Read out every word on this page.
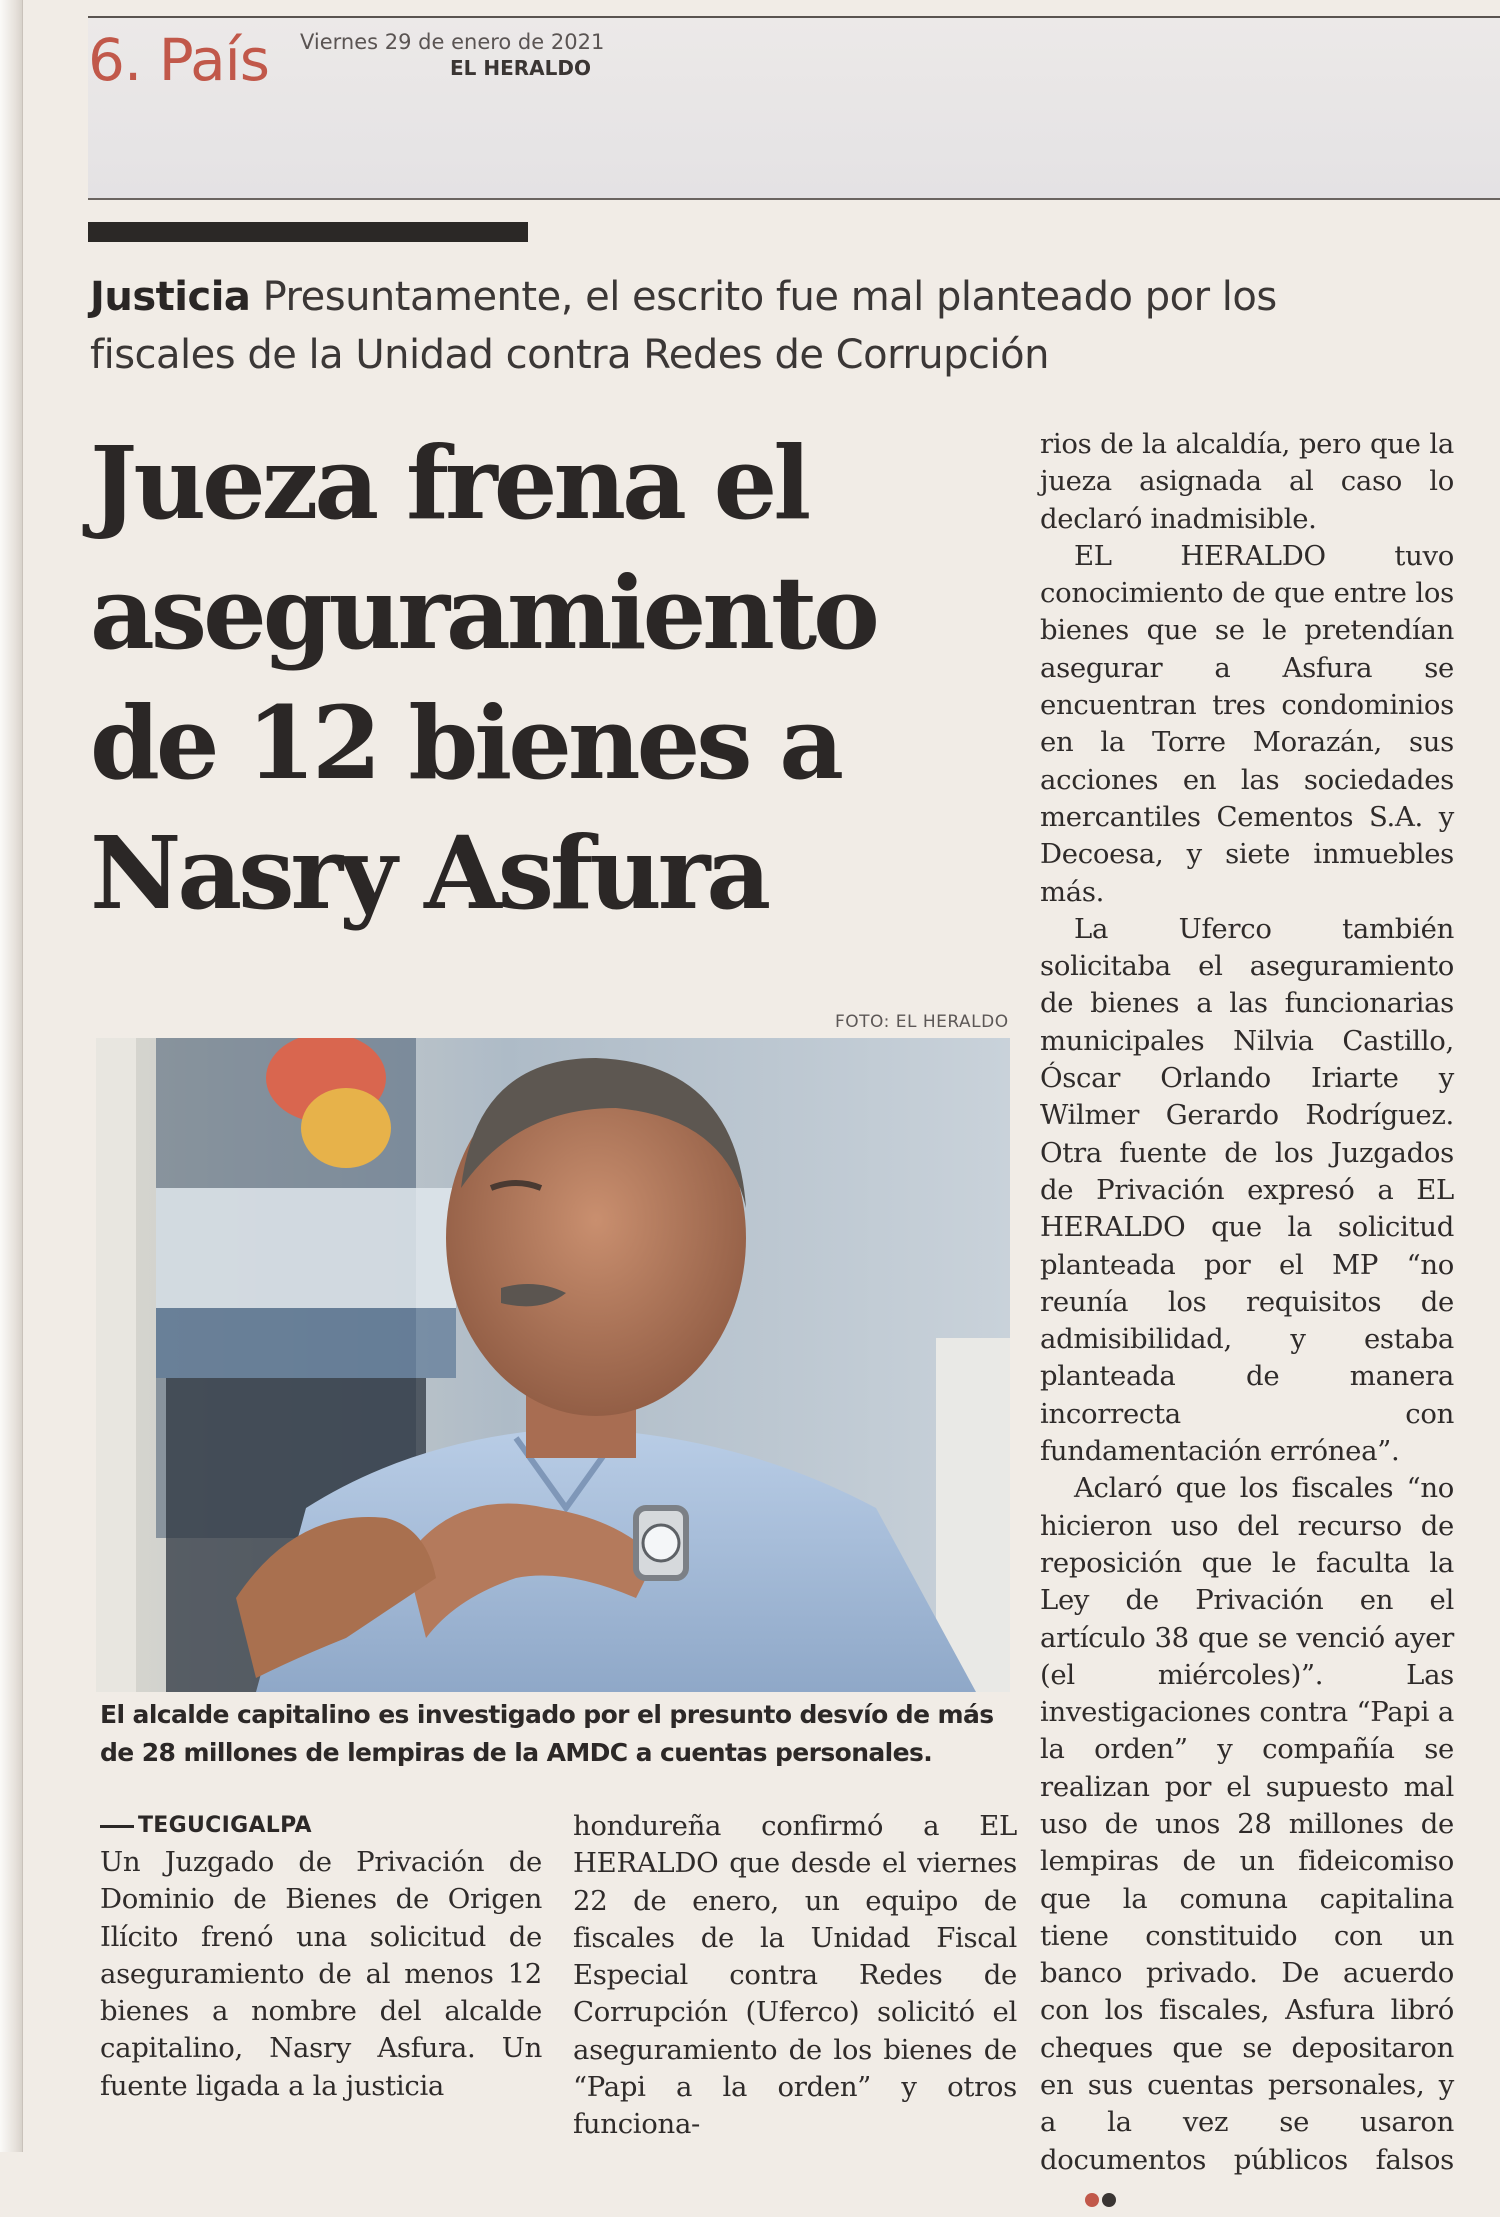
6. País Viernes 29 de enero de 2021
EL HERALDO
Justicia Presuntamente, el escrito fue mal planteado por los fiscales de la Unidad contra Redes de Corrupción
Jueza frena el
aseguramiento
de 12 bienes a
Nasry Asfura
FOTO: EL HERALDO
El alcalde capitalino es investigado por el presunto desvío de más de 28 millones de lempiras de la AMDC a cuentas personales.
TEGUCIGALPA

Un Juzgado de Privación de Dominio de Bienes de Origen Ilícito frenó una solicitud de aseguramiento de al menos 12 bienes a nombre del alcalde capitalino, Nasry Asfura. Un fuente ligada a la justicia

hondureña confirmó a EL HERALDO que desde el viernes 22 de enero, un equipo de fiscales de la Unidad Fiscal Especial contra Redes de Corrupción (Uferco) solicitó el aseguramiento de los bienes de “Papi a la orden” y otros funciona-

rios de la alcaldía, pero que la jueza asignada al caso lo declaró inadmisible.

EL HERALDO tuvo conocimiento de que entre los bienes que se le pretendían asegurar a Asfura se encuentran tres condominios en la Torre Morazán, sus acciones en las sociedades mercantiles Cementos S.A. y Decoesa, y siete inmuebles más.

La Uferco también solicitaba el aseguramiento de bienes a las funcionarias municipales Nilvia Castillo, Óscar Orlando Iriarte y Wilmer Gerardo Rodríguez. Otra fuente de los Juzgados de Privación expresó a EL HERALDO que la solicitud planteada por el MP “no reunía los requisitos de admisibilidad, y estaba planteada de manera incorrecta con fundamentación errónea”.

Aclaró que los fiscales “no hicieron uso del recurso de reposición que le faculta la Ley de Privación en el artículo 38 que se venció ayer (el miércoles)”. Las investigaciones contra “Papi a la orden” y compañía se realizan por el supuesto mal uso de unos 28 millones de lempiras de un fideicomiso que la comuna capitalina tiene constituido con un banco privado. De acuerdo con los fiscales, Asfura libró cheques que se depositaron en sus cuentas personales, y a la vez se usaron documentos públicos falsos
